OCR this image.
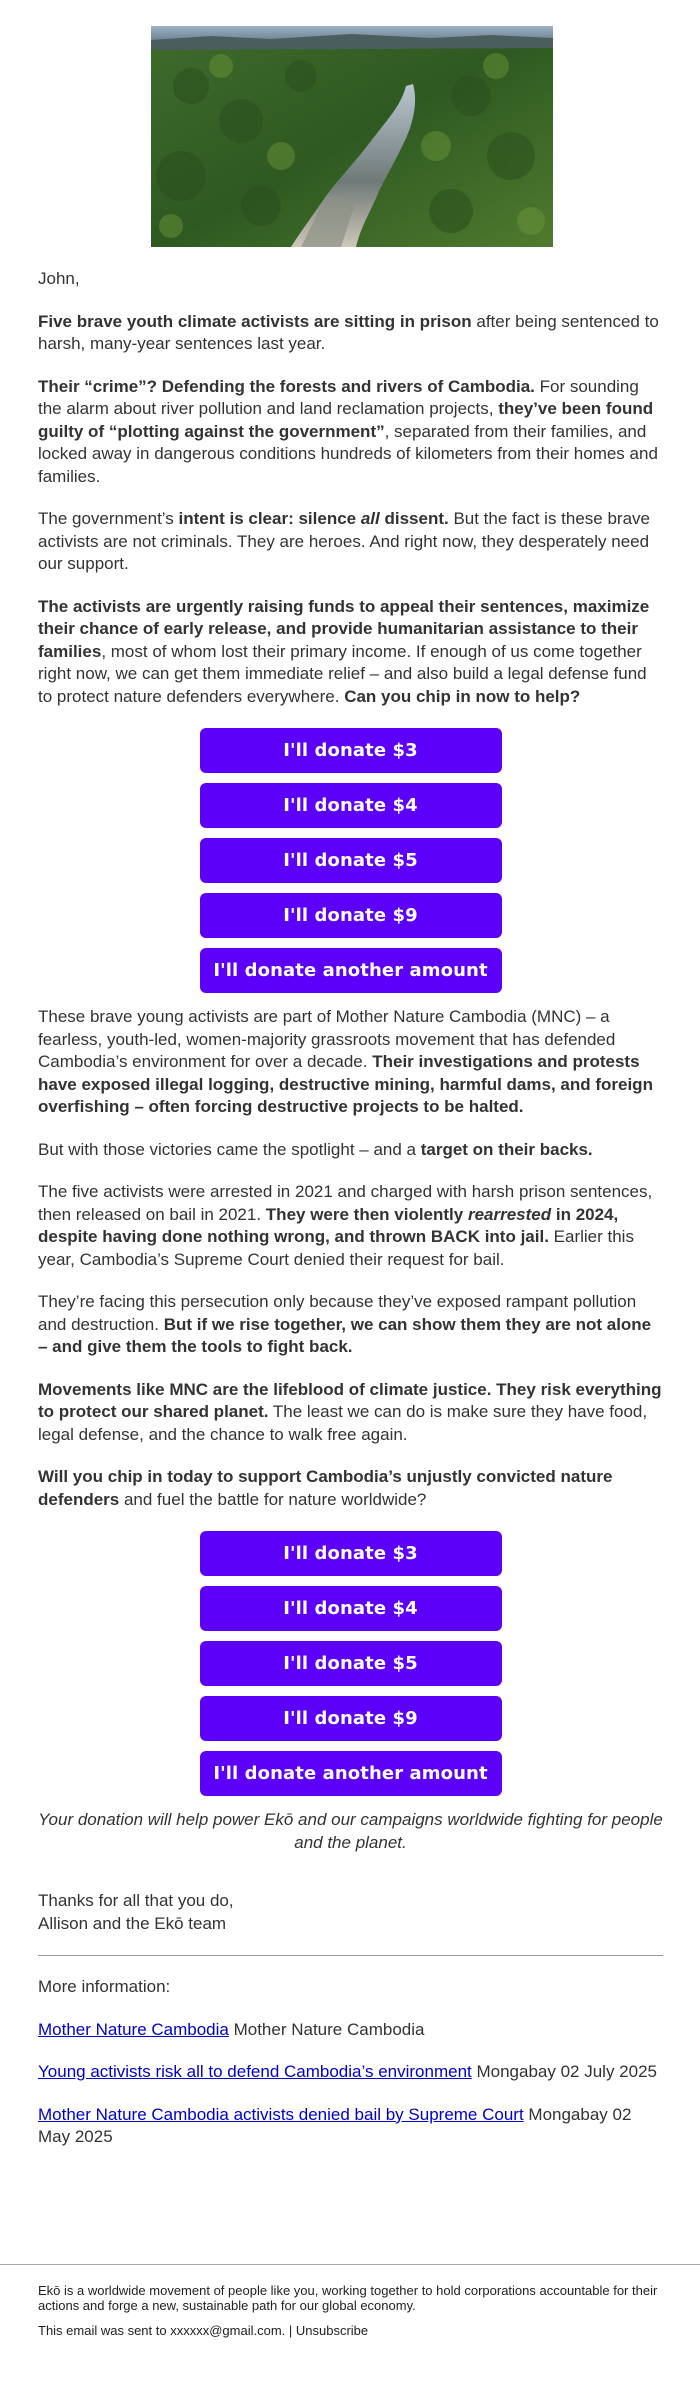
John,

Five brave youth climate activists are sitting in prison after being sentenced to harsh, many-year sentences last year.

Their “crime”? Defending the forests and rivers of Cambodia. For sounding the alarm about river pollution and land reclamation projects, they’ve been found guilty of “plotting against the government”, separated from their families, and locked away in dangerous conditions hundreds of kilometers from their homes and families.

The government’s intent is clear: silence all dissent. But the fact is these brave activists are not criminals. They are heroes. And right now, they desperately need our support.

The activists are urgently raising funds to appeal their sentences, maximize their chance of early release, and provide humanitarian assistance to their families, most of whom lost their primary income. If enough of us come together right now, we can get them immediate relief – and also build a legal defense fund to protect nature defenders everywhere. Can you chip in now to help?

I'll donate $3
I'll donate $4
I'll donate $5
I'll donate $9
I'll donate another amount

These brave young activists are part of Mother Nature Cambodia (MNC) – a fearless, youth-led, women-majority grassroots movement that has defended Cambodia’s environment for over a decade. Their investigations and protests have exposed illegal logging, destructive mining, harmful dams, and foreign overfishing – often forcing destructive projects to be halted.

But with those victories came the spotlight – and a target on their backs.

The five activists were arrested in 2021 and charged with harsh prison sentences, then released on bail in 2021. They were then violently rearrested in 2024, despite having done nothing wrong, and thrown BACK into jail. Earlier this year, Cambodia’s Supreme Court denied their request for bail.

They’re facing this persecution only because they’ve exposed rampant pollution and destruction. But if we rise together, we can show them they are not alone – and give them the tools to fight back.

Movements like MNC are the lifeblood of climate justice. They risk everything to protect our shared planet. The least we can do is make sure they have food, legal defense, and the chance to walk free again.

Will you chip in today to support Cambodia’s unjustly convicted nature defenders and fuel the battle for nature worldwide?

I'll donate $3
I'll donate $4
I'll donate $5
I'll donate $9
I'll donate another amount

Your donation will help power Ekō and our campaigns worldwide fighting for people and the planet.

Thanks for all that you do,
Allison and the Ekō team

More information:

Mother Nature Cambodia Mother Nature Cambodia

Young activists risk all to defend Cambodia’s environment Mongabay 02 July 2025

Mother Nature Cambodia activists denied bail by Supreme Court Mongabay 02 May 2025

Ekō is a worldwide movement of people like you, working together to hold corporations accountable for their actions and forge a new, sustainable path for our global economy.

This email was sent to xxxxxx@gmail.com. | Unsubscribe
